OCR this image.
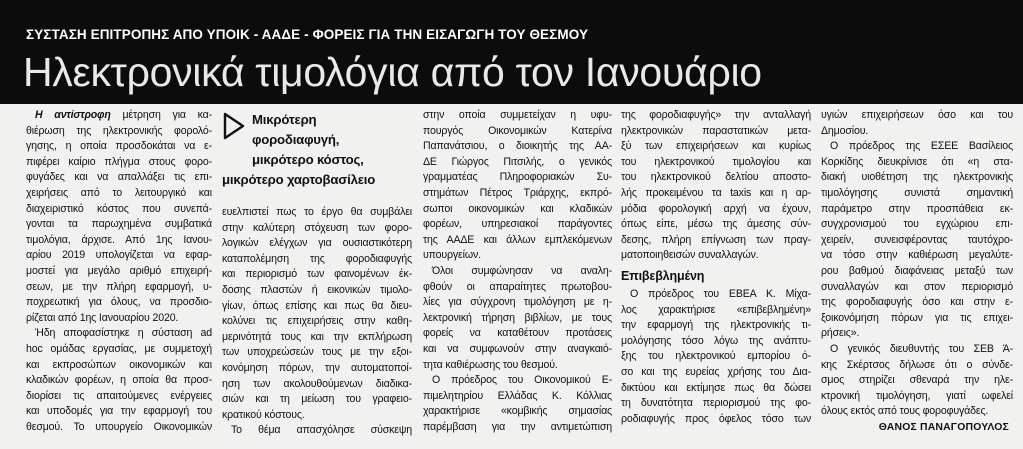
ΣΥΣΤΑΣΗ ΕΠΙΤΡΟΠΗΣ ΑΠΟ ΥΠΟΙΚ - ΑΑΔΕ - ΦΟΡΕΙΣ ΓΙΑ ΤΗΝ ΕΙΣΑΓΩΓΗ ΤΟΥ ΘΕΣΜΟΥ
Ηλεκτρονικά τιμολόγια από τον Ιανουάριο
Η αντίστροφη μέτρηση για κα-
θιέρωση της ηλεκτρονικής φορολό-
γησης, η οποία προσδοκάται να ε-
πιφέρει καίριο πλήγμα στους φορο-
φυγάδες και να απαλλάξει τις επι-
χειρήσεις από το λειτουργικό και
διαχειριστικό κόστος που συνεπά-
γονται τα παρωχημένα συμβατικά
τιμολόγια, άρχισε. Από 1ης Ιανου-
αρίου 2019 υπολογίζεται να εφαρ-
μοστεί για μεγάλο αριθμό επιχειρή-
σεων, με την πλήρη εφαρμογή, υ-
ποχρεωτική για όλους, να προσδιο-
ρίζεται από 1ης Ιανουαρίου 2020.
Ήδη αποφασίστηκε η σύσταση ad
hoc ομάδας εργασίας, με συμμετοχή
και εκπροσώπων οικονομικών και
κλαδικών φορέων, η οποία θα προσ-
διορίσει τις απαιτούμενες ενέργειες
και υποδομές για την εφαρμογή του
θεσμού. Το υπουργείο Οικονομικών
Μικρότερη
φοροδιαφυγή,
μικρότερο κόστος,
μικρότερο χαρτοβασίλειο
ευελπιστεί πως το έργο θα συμβάλει
στην καλύτερη στόχευση των φορο-
λογικών ελέγχων για ουσιαστικότερη
καταπολέμηση της φοροδιαφυγής
και περιορισμό των φαινομένων έκ-
δοσης πλαστών ή εικονικών τιμολο-
γίων, όπως επίσης και πως θα διευ-
κολύνει τις επιχειρήσεις στην καθη-
μερινότητά τους και την εκπλήρωση
των υποχρεώσεών τους με την εξοι-
κονόμηση πόρων, την αυτοματοποί-
ηση των ακολουθούμενων διαδικα-
σιών και τη μείωση του γραφειο-
κρατικού κόστους.
Το θέμα απασχόλησε σύσκεψη
στην οποία συμμετείχαν η υφυ-
πουργός Οικονομικών Κατερίνα
Παπανάτσιου, ο διοικητής της ΑΑ-
ΔΕ Γιώργος Πιτσιλής, ο γενικός
γραμματέας Πληροφοριακών Συ-
στημάτων Πέτρος Τριάρχης, εκπρό-
σωποι οικονομικών και κλαδικών
φορέων, υπηρεσιακοί παράγοντες
της ΑΑΔΕ και άλλων εμπλεκόμενων
υπουργείων.
Όλοι συμφώνησαν να αναλη-
φθούν οι απαραίτητες πρωτοβου-
λίες για σύγχρονη τιμολόγηση με η-
λεκτρονική τήρηση βιβλίων, με τους
φορείς να καταθέτουν προτάσεις
και να συμφωνούν στην αναγκαιό-
τητα καθιέρωσης του θεσμού.
Ο πρόεδρος του Οικονομικού Ε-
πιμελητηρίου Ελλάδας Κ. Κόλλιας
χαρακτήρισε «κομβικής σημασίας
παρέμβαση για την αντιμετώπιση
της φοροδιαφυγής» την ανταλλαγή
ηλεκτρονικών παραστατικών μετα-
ξύ των επιχειρήσεων και κυρίως
του ηλεκτρονικού τιμολογίου και
του ηλεκτρονικού δελτίου αποστο-
λής προκειμένου τα taxis και η αρ-
μόδια φορολογική αρχή να έχουν,
όπως είπε, μέσω της άμεσης σύν-
δεσης, πλήρη επίγνωση των πραγ-
ματοποιηθεισών συναλλαγών.
Επιβεβλημένη
Ο πρόεδρος του ΕΒΕΑ Κ. Μίχα-
λος χαρακτήρισε «επιβεβλημένη»
την εφαρμογή της ηλεκτρονικής τι-
μολόγησης τόσο λόγω της ανάπτυ-
ξης του ηλεκτρονικού εμπορίου ό-
σο και της ευρείας χρήσης του Δια-
δικτύου και εκτίμησε πως θα δώσει
τη δυνατότητα περιορισμού της φο-
ροδιαφυγής προς όφελος τόσο των
υγιών επιχειρήσεων όσο και του
Δημοσίου.
Ο πρόεδρος της ΕΣΕΕ Βασίλειος
Κορκίδης διευκρίνισε ότι «η στα-
διακή υιοθέτηση της ηλεκτρονικής
τιμολόγησης συνιστά σημαντική
παράμετρο στην προσπάθεια εκ-
συγχρονισμού του εγχώριου επι-
χειρείν, συνεισφέροντας ταυτόχρο-
να τόσο στην καθιέρωση μεγαλύτε-
ρου βαθμού διαφάνειας μεταξύ των
συναλλαγών και στον περιορισμό
της φοροδιαφυγής όσο και στην ε-
ξοικονόμηση πόρων για τις επιχει-
ρήσεις».
Ο γενικός διευθυντής του ΣΕΒ Ά-
κης Σκέρτσος δήλωσε ότι ο σύνδε-
σμος στηρίζει σθεναρά την ηλε-
κτρονική τιμολόγηση, γιατί ωφελεί
όλους εκτός από τους φοροφυγάδες.
ΘΑΝΟΣ ΠΑΝΑΓΟΠΟΥΛΟΣ
